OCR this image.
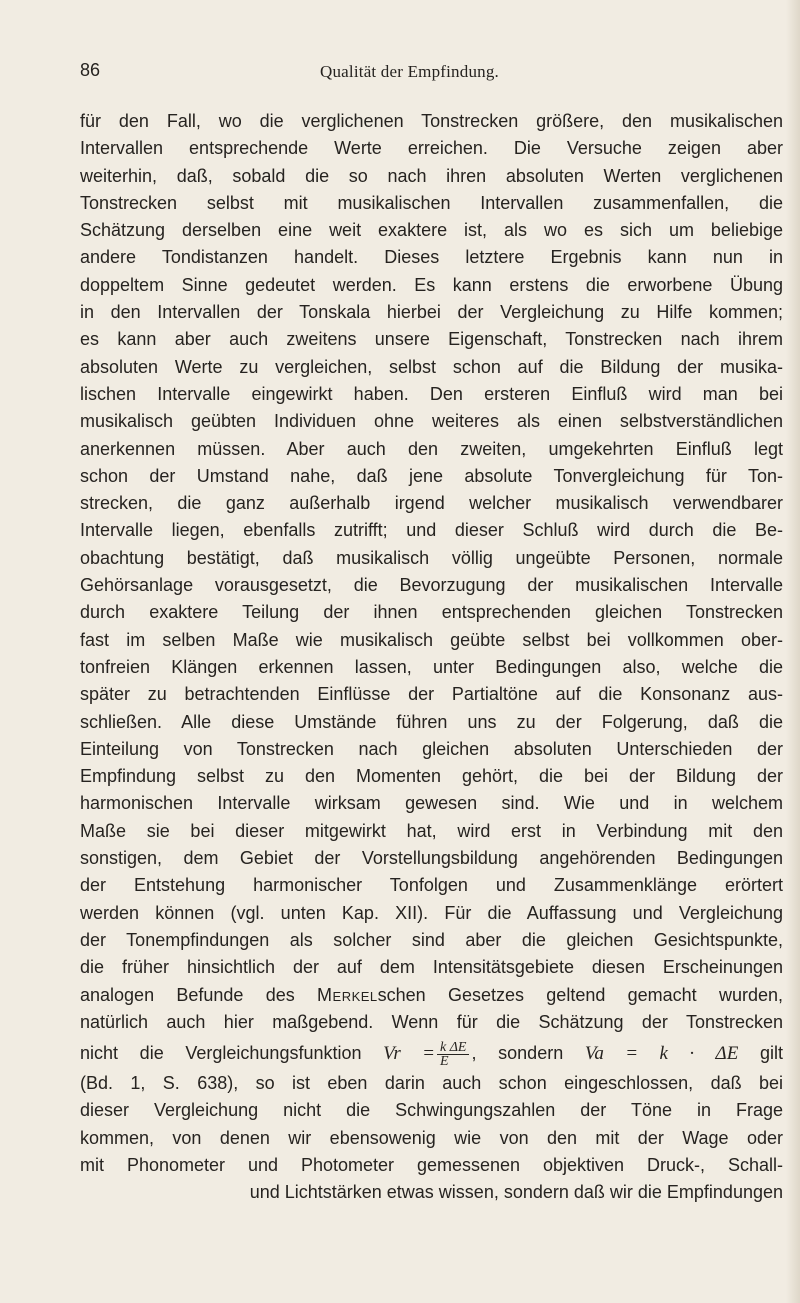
86	Qualität der Empfindung.
für den Fall, wo die verglichenen Tonstrecken größere, den musikalischen
Intervallen entsprechende Werte erreichen. Die Versuche zeigen aber
weiterhin, daß, sobald die so nach ihren absoluten Werten verglichenen
Tonstrecken selbst mit musikalischen Intervallen zusammenfallen, die
Schätzung derselben eine weit exaktere ist, als wo es sich um beliebige
andere Tondistanzen handelt. Dieses letztere Ergebnis kann nun in
doppeltem Sinne gedeutet werden. Es kann erstens die erworbene Übung
in den Intervallen der Tonskala hierbei der Vergleichung zu Hilfe kommen;
es kann aber auch zweitens unsere Eigenschaft, Tonstrecken nach ihrem
absoluten Werte zu vergleichen, selbst schon auf die Bildung der musika-
lischen Intervalle eingewirkt haben. Den ersteren Einfluß wird man bei
musikalisch geübten Individuen ohne weiteres als einen selbstverständlichen
anerkennen müssen. Aber auch den zweiten, umgekehrten Einfluß legt
schon der Umstand nahe, daß jene absolute Tonvergleichung für Ton-
strecken, die ganz außerhalb irgend welcher musikalisch verwendbarer
Intervalle liegen, ebenfalls zutrifft; und dieser Schluß wird durch die Be-
obachtung bestätigt, daß musikalisch völlig ungeübte Personen, normale
Gehörsanlage vorausgesetzt, die Bevorzugung der musikalischen Intervalle
durch exaktere Teilung der ihnen entsprechenden gleichen Tonstrecken
fast im selben Maße wie musikalisch geübte selbst bei vollkommen ober-
tonfreien Klängen erkennen lassen, unter Bedingungen also, welche die
später zu betrachtenden Einflüsse der Partialtöne auf die Konsonanz aus-
schließen. Alle diese Umstände führen uns zu der Folgerung, daß die
Einteilung von Tonstrecken nach gleichen absoluten Unterschieden der
Empfindung selbst zu den Momenten gehört, die bei der Bildung der
harmonischen Intervalle wirksam gewesen sind. Wie und in welchem
Maße sie bei dieser mitgewirkt hat, wird erst in Verbindung mit den
sonstigen, dem Gebiet der Vorstellungsbildung angehörenden Bedingungen
der Entstehung harmonischer Tonfolgen und Zusammenklänge erörtert
werden können (vgl. unten Kap. XII). Für die Auffassung und Vergleichung
der Tonempfindungen als solcher sind aber die gleichen Gesichtspunkte,
die früher hinsichtlich der auf dem Intensitätsgebiete diesen Erscheinungen
analogen Befunde des Merkelschen Gesetzes geltend gemacht wurden,
natürlich auch hier maßgebend. Wenn für die Schätzung der Tonstrecken
nicht die Vergleichungsfunktion $Vr = \frac{\text{k ΔE}}{E}$ , sondern Va = k · ΔE gilt
(Bd. 1, S. 638), so ist eben darin auch schon eingeschlossen, daß bei
dieser Vergleichung nicht die Schwingungszahlen der Töne in Frage
kommen, von denen wir ebensowenig wie von den mit der Wage oder
mit Phonometer und Photometer gemessenen objektiven Druck-, Schall-
und Lichtstärken etwas wissen, sondern daß wir die Empfindungen
